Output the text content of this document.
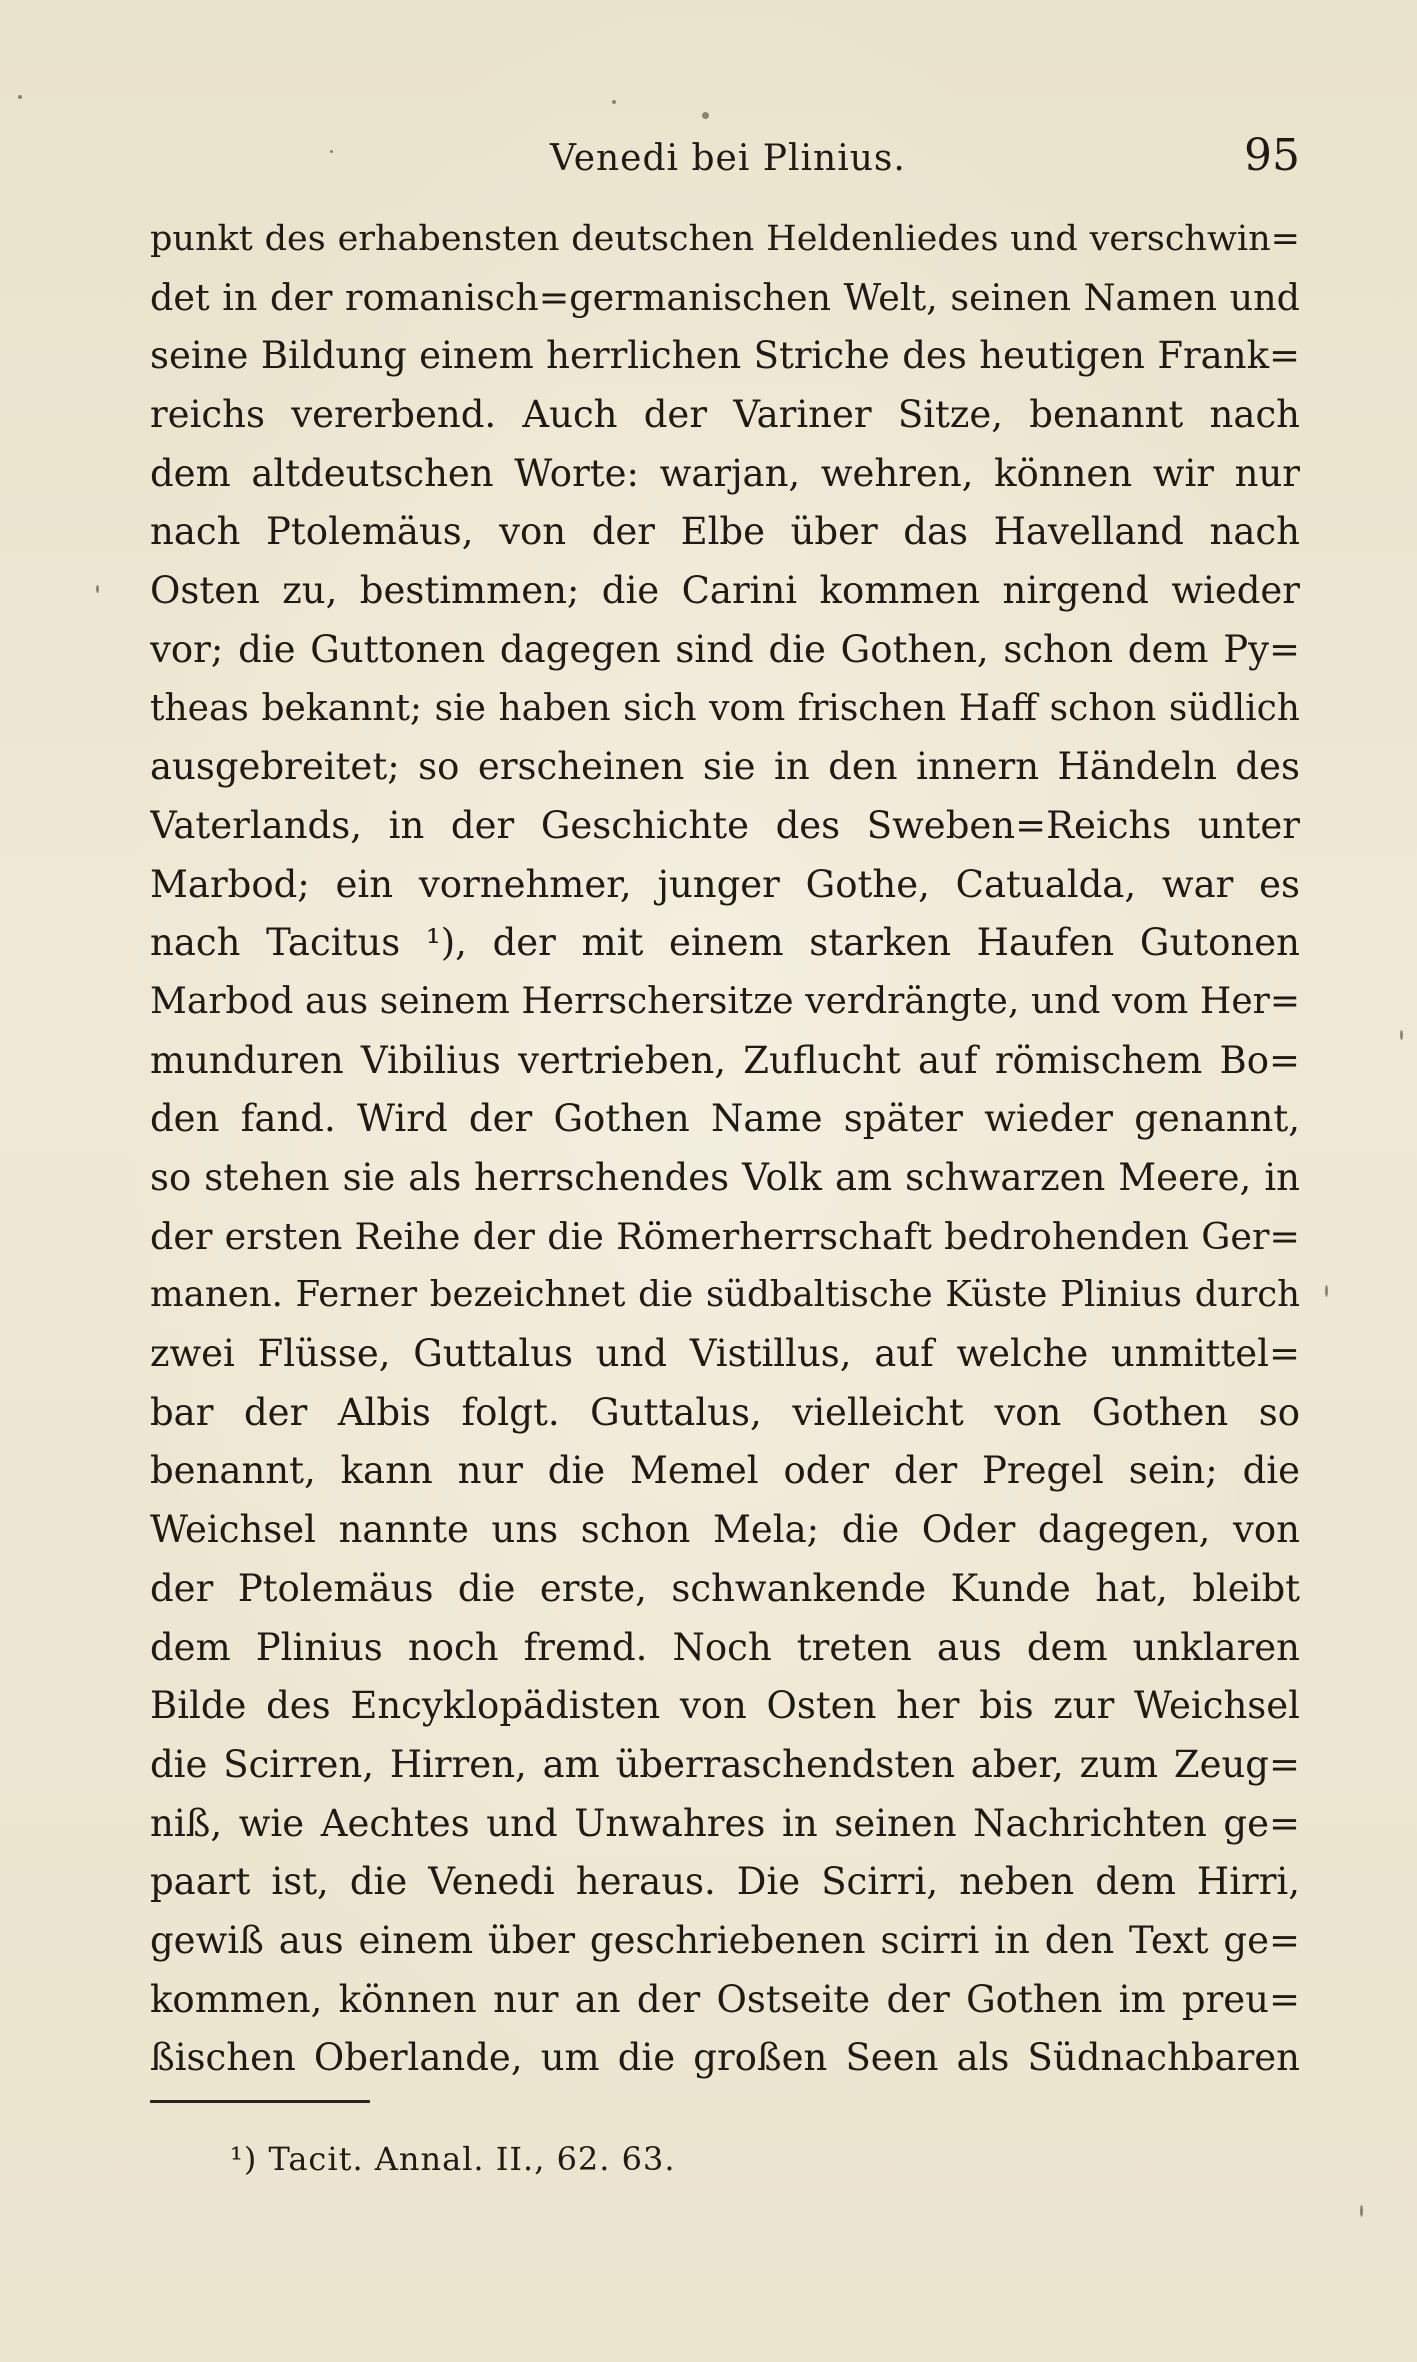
Venedi bei Plinius.	95
punkt des erhabensten deutschen Heldenliedes und verschwin=
det in der romanisch=germanischen Welt, seinen Namen und
seine Bildung einem herrlichen Striche des heutigen Frank=
reichs vererbend. Auch der Variner Sitze, benannt nach
dem altdeutschen Worte: warjan, wehren, können wir nur
nach Ptolemäus, von der Elbe über das Havelland nach
Osten zu, bestimmen; die Carini kommen nirgend wieder
vor; die Guttonen dagegen sind die Gothen, schon dem Py=
theas bekannt; sie haben sich vom frischen Haff schon südlich
ausgebreitet; so erscheinen sie in den innern Händeln des
Vaterlands, in der Geschichte des Sweben=Reichs unter
Marbod; ein vornehmer, junger Gothe, Catualda, war es
nach Tacitus ¹), der mit einem starken Haufen Gutonen
Marbod aus seinem Herrschersitze verdrängte, und vom Her=
munduren Vibilius vertrieben, Zuflucht auf römischem Bo=
den fand. Wird der Gothen Name später wieder genannt,
so stehen sie als herrschendes Volk am schwarzen Meere, in
der ersten Reihe der die Römerherrschaft bedrohenden Ger=
manen. Ferner bezeichnet die südbaltische Küste Plinius durch
zwei Flüsse, Guttalus und Vistillus, auf welche unmittel=
bar der Albis folgt. Guttalus, vielleicht von Gothen so
benannt, kann nur die Memel oder der Pregel sein; die
Weichsel nannte uns schon Mela; die Oder dagegen, von
der Ptolemäus die erste, schwankende Kunde hat, bleibt
dem Plinius noch fremd. Noch treten aus dem unklaren
Bilde des Encyklopädisten von Osten her bis zur Weichsel
die Scirren, Hirren, am überraschendsten aber, zum Zeug=
niß, wie Aechtes und Unwahres in seinen Nachrichten ge=
paart ist, die Venedi heraus. Die Scirri, neben dem Hirri,
gewiß aus einem über geschriebenen scirri in den Text ge=
kommen, können nur an der Ostseite der Gothen im preu=
ßischen Oberlande, um die großen Seen als Südnachbaren
¹) Tacit. Annal. II., 62. 63.
